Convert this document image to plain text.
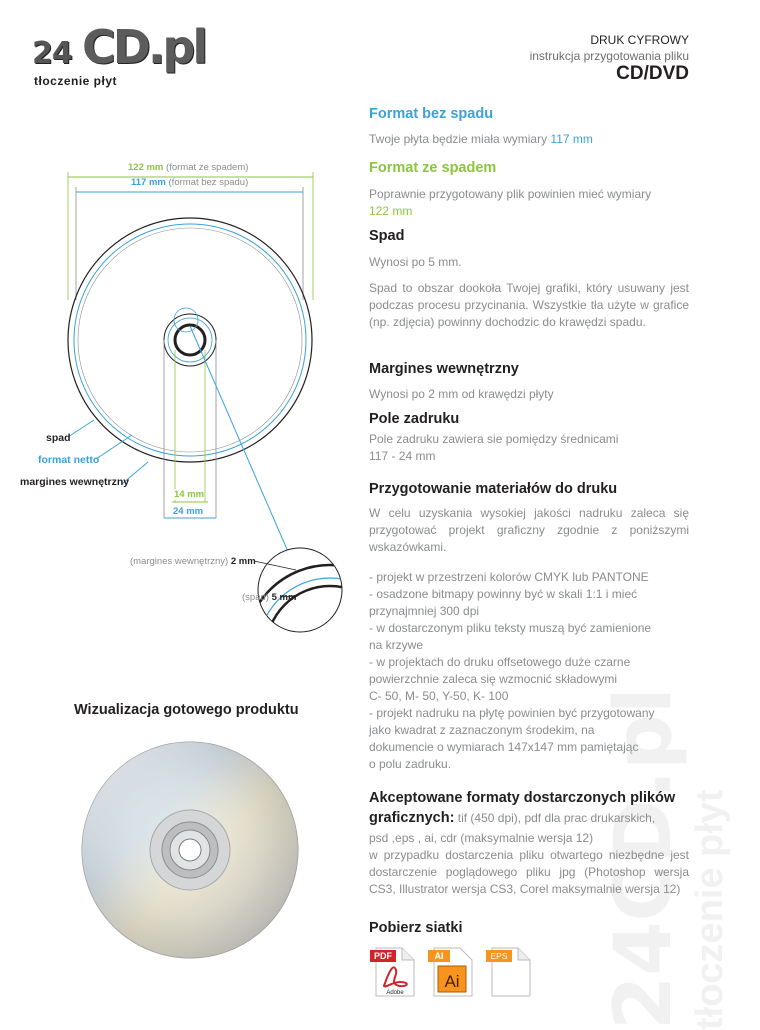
24 CD.pl
tłoczenie płyt
DRUK CYFROWY
instrukcja przygotowania pliku
CD/DVD
24CD.pl tłoczenie płyt
Format bez spadu
Twoje płyta będzie miała wymiary 117 mm
Format ze spadem
Poprawnie przygotowany plik powinien mieć wymiary
122 mm
Spad
Wynosi po 5 mm.
Spad to obszar dookoła Twojej grafiki, który usuwany jest podczas procesu przycinania. Wszystkie tła użyte w grafice (np. zdjęcia) powinny dochodzic do krawędzi spadu.
Margines wewnętrzny
Wynosi po 2 mm od krawędzi płyty
Pole zadruku
Pole zadruku zawiera sie pomiędzy średnicami
117 - 24 mm
Przygotowanie materiałów do druku
W celu uzyskania wysokiej jakości nadruku zaleca się przygotować projekt graficzny zgodnie z poniższymi wskazówkami.
- projekt w przestrzeni kolorów CMYK lub PANTONE
- osadzone bitmapy powinny być w skali 1:1 i mieć
przynajmniej 300 dpi
- w dostarczonym pliku teksty muszą być zamienione
na krzywe
- w projektach do druku offsetowego duże czarne
powierzchnie zaleca się wzmocnić składowymi
C- 50, M- 50, Y-50, K- 100
- projekt nadruku na płytę powinien być przygotowany
jako kwadrat z zaznaczonym środekim, na
dokumencie o wymiarach 147x147 mm pamiętając
o polu zadruku.
Akceptowane formaty dostarczonych plików
graficznych: tif (450 dpi), pdf dla prac drukarskich,
psd ,eps , ai, cdr (maksymalnie wersja 12)
w przypadku dostarczenia pliku otwartego niezbędne jest dostarczenie poglądowego pliku jpg (Photoshop wersja CS3, Illustrator wersja CS3, Corel maksymalnie wersja 12)
Pobierz siatki
PDF
Adobe
AI
Ai
EPS
122 mm (format ze spadem)
117 mm (format bez spadu)
spad
format netto
margines wewnętrzny
14 mm
24 mm
(margines wewnętrzny) 2 mm
(spad) 5 mm
Wizualizacja gotowego produktu
